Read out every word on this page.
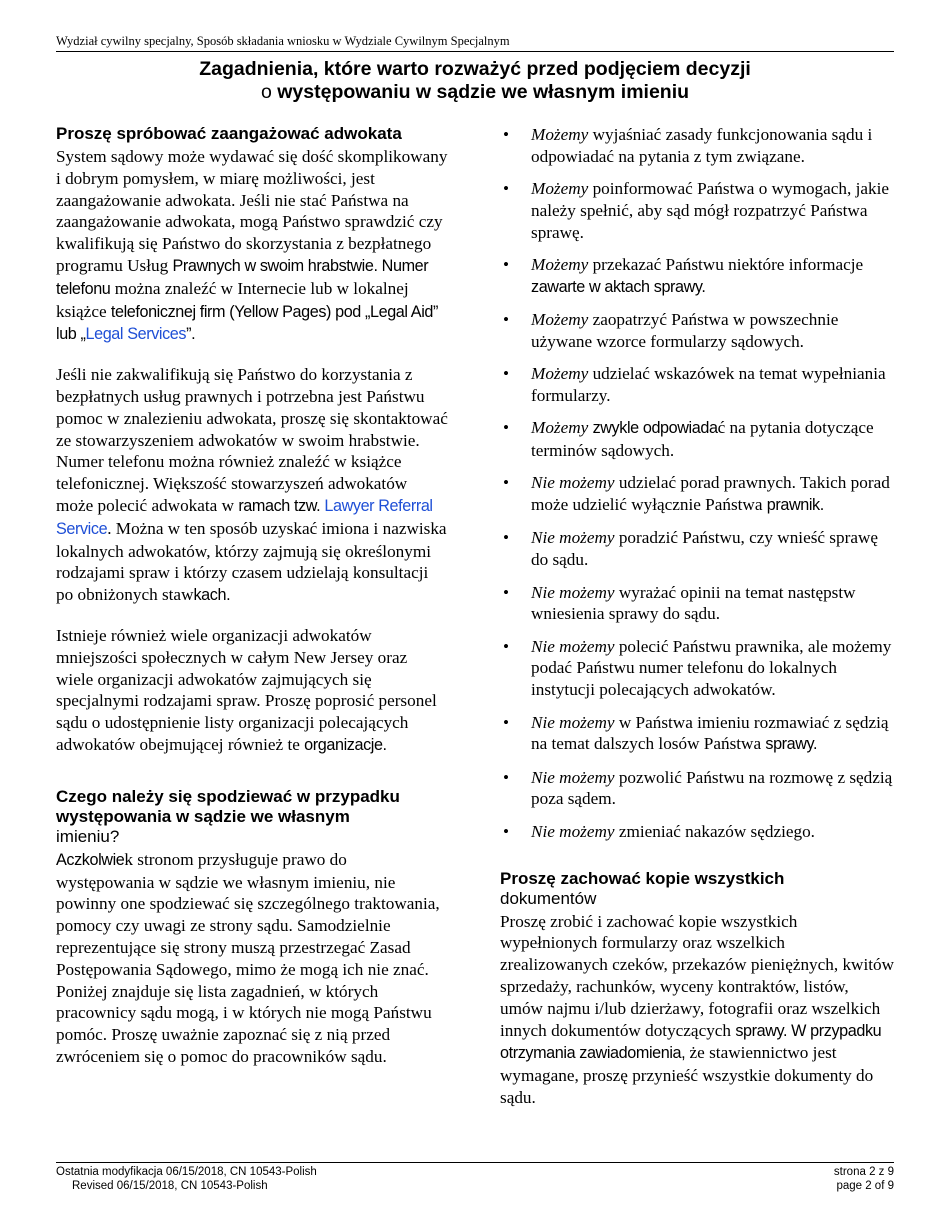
Wydział cywilny specjalny, Sposób składania wniosku w Wydziale Cywilnym Specjalnym
Zagadnienia, które warto rozważyć przed podjęciem decyzji
o występowaniu w sądzie we własnym imieniu
Proszę spróbować zaangażować adwokata

System sądowy może wydawać się dość skomplikowany i dobrym pomysłem, w miarę możliwości, jest zaangażowanie adwokata. Jeśli nie stać Państwa na zaangażowanie adwokata, mogą Państwo sprawdzić czy kwalifikują się Państwo do skorzystania z bezpłatnego programu Usług Prawnych w swoim hrabstwie. Numer telefonu można znaleźć w Internecie lub w lokalnej książce telefonicznej firm (Yellow Pages) pod „Legal Aid” lub „Legal Services”.

Jeśli nie zakwalifikują się Państwo do korzystania z bezpłatnych usług prawnych i potrzebna jest Państwu pomoc w znalezieniu adwokata, proszę się skontaktować ze stowarzyszeniem adwokatów w swoim hrabstwie. Numer telefonu można również znaleźć w książce telefonicznej. Większość stowarzyszeń adwokatów może polecić adwokata w ramach tzw. Lawyer Referral Service. Można w ten sposób uzyskać imiona i nazwiska lokalnych adwokatów, którzy zajmują się określonymi rodzajami spraw i którzy czasem udzielają konsultacji po obniżonych stawkach.

Istnieje również wiele organizacji adwokatów mniejszości społecznych w całym New Jersey oraz wiele organizacji adwokatów zajmujących się specjalnymi rodzajami spraw. Proszę poprosić personel sądu o udostępnienie listy organizacji polecających adwokatów obejmującej również te organizacje.

Czego należy się spodziewać w przypadku występowania w sądzie we własnym
imieniu?

Aczkolwiek stronom przysługuje prawo do występowania w sądzie we własnym imieniu, nie powinny one spodziewać się szczególnego traktowania, pomocy czy uwagi ze strony sądu. Samodzielnie reprezentujące się strony muszą przestrzegać Zasad Postępowania Sądowego, mimo że mogą ich nie znać. Poniżej znajduje się lista zagadnień, w których pracownicy sądu mogą, i w których nie mogą Państwu pomóc. Proszę uważnie zapoznać się z nią przed zwróceniem się o pomoc do pracowników sądu.

• Możemy wyjaśniać zasady funkcjonowania sądu i odpowiadać na pytania z tym związane.
• Możemy poinformować Państwa o wymogach, jakie należy spełnić, aby sąd mógł rozpatrzyć Państwa sprawę.
• Możemy przekazać Państwu niektóre informacje zawarte w aktach sprawy.
• Możemy zaopatrzyć Państwa w powszechnie używane wzorce formularzy sądowych.
• Możemy udzielać wskazówek na temat wypełniania formularzy.
• Możemy zwykle odpowiadać na pytania dotyczące terminów sądowych.
• Nie możemy udzielać porad prawnych. Takich porad może udzielić wyłącznie Państwa prawnik.
• Nie możemy poradzić Państwu, czy wnieść sprawę do sądu.
• Nie możemy wyrażać opinii na temat następstw wniesienia sprawy do sądu.
• Nie możemy polecić Państwu prawnika, ale możemy podać Państwu numer telefonu do lokalnych instytucji polecających adwokatów.
• Nie możemy w Państwa imieniu rozmawiać z sędzią na temat dalszych losów Państwa sprawy.
• Nie możemy pozwolić Państwu na rozmowę z sędzią poza sądem.
• Nie możemy zmieniać nakazów sędziego.
Proszę zachować kopie wszystkich
dokumentów

Proszę zrobić i zachować kopie wszystkich wypełnionych formularzy oraz wszelkich zrealizowanych czeków, przekazów pieniężnych, kwitów sprzedaży, rachunków, wyceny kontraktów, listów, umów najmu i/lub dzierżawy, fotografii oraz wszelkich innych dokumentów dotyczących sprawy. W przypadku otrzymania zawiadomienia, że stawiennictwo jest wymagane, proszę przynieść wszystkie dokumenty do sądu.

Ostatnia modyfikacja 06/15/2018, CN 10543-Polish
Revised 06/15/2018, CN 10543-Polish
strona 2 z 9
page 2 of 9
